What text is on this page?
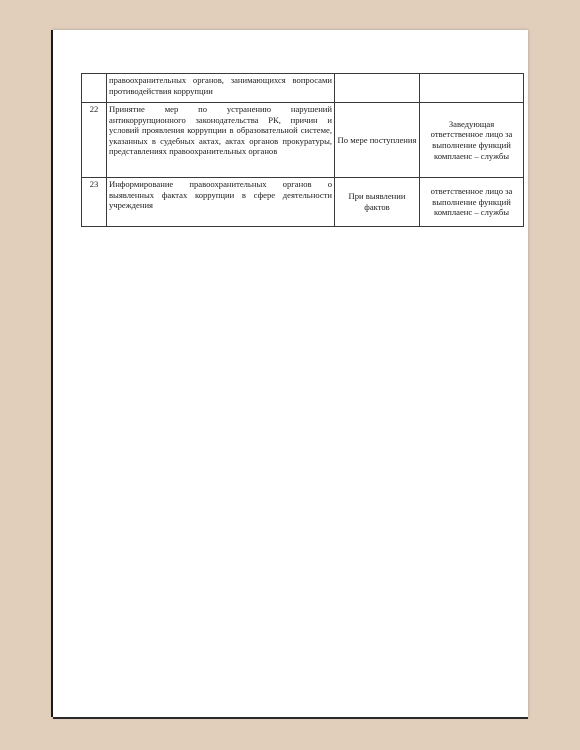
	правоохранительных органов, занимающихся вопросами противодействия коррупции		
22	Принятие мер по устранению нарушений антикоррупционного законодательства РК, причин и условий проявления коррупции в образовательной системе, указанных в судебных актах, актах органов прокуратуры, представлениях правоохранительных органов	По мере поступления	Заведующая ответственное лицо за выполнение функций комплаенс – службы
23	Информирование правоохранительных органов о выявленных фактах коррупции в сфере деятельности учреждения	При выявлении фактов	ответственное лицо за выполнение функций комплаенс – службы
